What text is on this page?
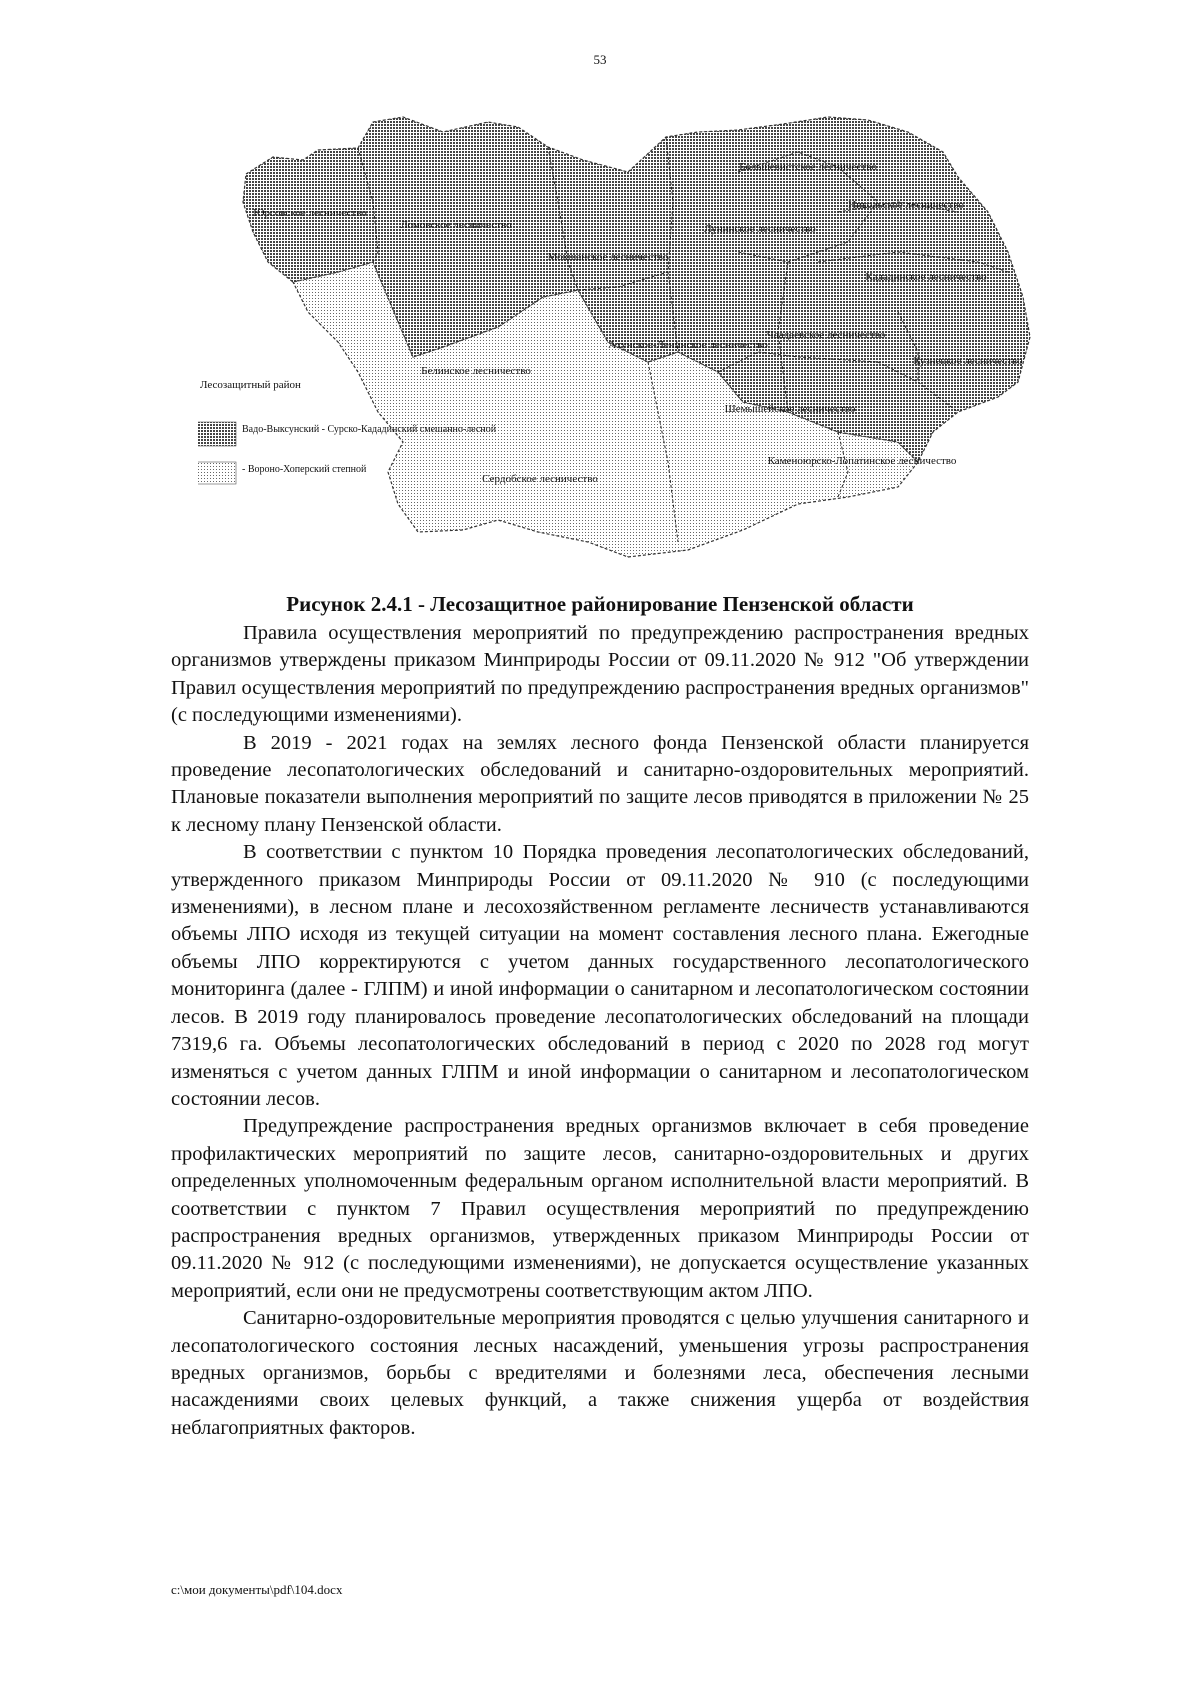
53
Юрсовское лесничество
Ломовское лесничество
Мокшанское лесничество
Лунинское лесничество
Большевистское лесничество
Никольское лесничество
Кададинское лесничество
Ахунское-Ленинское лесничество
Чаадаевское лесничество
Кузнецкое лесничество
Белинское лесничество
Шемышейское лесничество
Сердобское лесничество
Каменоюрско-Лопатинское лесничество
Лесозащитный район
Вадо-Выксунский - Сурско-Кададинский смешанно-лесной
- Вороно-Хоперский степной
Рисунок 2.4.1 - Лесозащитное районирование Пензенской области

Правила осуществления мероприятий по предупреждению распространения вредных организмов утверждены приказом Минприроды России от 09.11.2020 № 912 "Об утверждении Правил осуществления мероприятий по предупреждению распространения вредных организмов" (с последующими изменениями).

В 2019 - 2021 годах на землях лесного фонда Пензенской области планируется проведение лесопатологических обследований и санитарно-оздоровительных мероприятий. Плановые показатели выполнения мероприятий по защите лесов приводятся в приложении № 25 к лесному плану Пензенской области.

В соответствии с пунктом 10 Порядка проведения лесопатологических обследований, утвержденного приказом Минприроды России от 09.11.2020 № 910 (с последующими изменениями), в лесном плане и лесохозяйственном регламенте лесничеств устанавливаются объемы ЛПО исходя из текущей ситуации на момент составления лесного плана. Ежегодные объемы ЛПО корректируются с учетом данных государственного лесопатологического мониторинга (далее - ГЛПМ) и иной информации о санитарном и лесопатологическом состоянии лесов. В 2019 году планировалось проведение лесопатологических обследований на площади 7319,6 га. Объемы лесопатологических обследований в период с 2020 по 2028 год могут изменяться с учетом данных ГЛПМ и иной информации о санитарном и лесопатологическом состоянии лесов.

Предупреждение распространения вредных организмов включает в себя проведение профилактических мероприятий по защите лесов, санитарно-оздоровительных и других определенных уполномоченным федеральным органом исполнительной власти мероприятий. В соответствии с пунктом 7 Правил осуществления мероприятий по предупреждению распространения вредных организмов, утвержденных приказом Минприроды России от 09.11.2020 № 912 (с последующими изменениями), не допускается осуществление указанных мероприятий, если они не предусмотрены соответствующим актом ЛПО.

Санитарно-оздоровительные мероприятия проводятся с целью улучшения санитарного и лесопатологического состояния лесных насаждений, уменьшения угрозы распространения вредных организмов, борьбы с вредителями и болезнями леса, обеспечения лесными насаждениями своих целевых функций, а также снижения ущерба от воздействия неблагоприятных факторов.

c:\мои документы\pdf\104.docx
